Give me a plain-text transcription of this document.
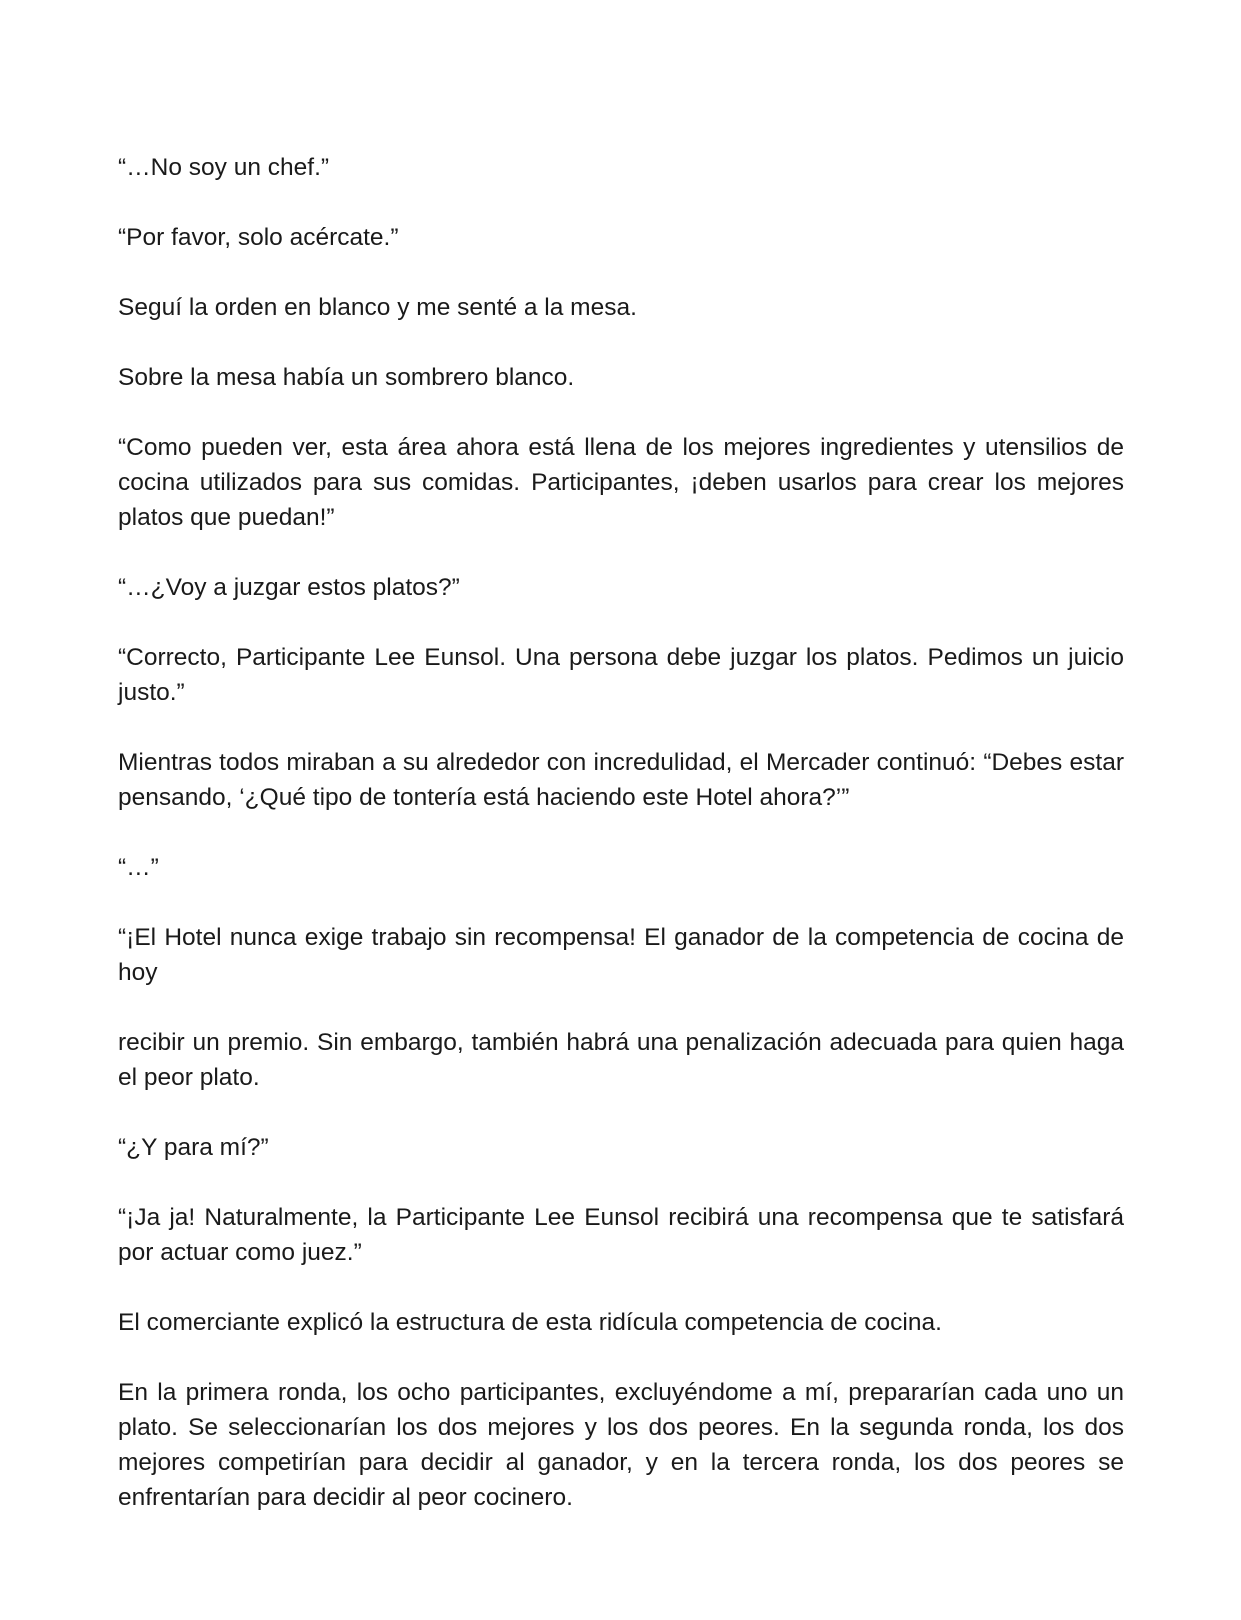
“…No soy un chef.”

“Por favor, solo acércate.”

Seguí la orden en blanco y me senté a la mesa.

Sobre la mesa había un sombrero blanco.

“Como pueden ver, esta área ahora está llena de los mejores ingredientes y utensilios de cocina utilizados para sus comidas. Participantes, ¡deben usarlos para crear los mejores platos que puedan!”

“…¿Voy a juzgar estos platos?”

“Correcto, Participante Lee Eunsol. Una persona debe juzgar los platos. Pedimos un juicio justo.”

Mientras todos miraban a su alrededor con incredulidad, el Mercader continuó: “Debes estar pensando, ‘¿Qué tipo de tontería está haciendo este Hotel ahora?’”

“…”

“¡El Hotel nunca exige trabajo sin recompensa! El ganador de la competencia de cocina de hoy

recibir un premio. Sin embargo, también habrá una penalización adecuada para quien haga el peor plato.

“¿Y para mí?”

“¡Ja ja! Naturalmente, la Participante Lee Eunsol recibirá una recompensa que te satisfará por actuar como juez.”

El comerciante explicó la estructura de esta ridícula competencia de cocina.

En la primera ronda, los ocho participantes, excluyéndome a mí, prepararían cada uno un plato. Se seleccionarían los dos mejores y los dos peores. En la segunda ronda, los dos mejores competirían para decidir al ganador, y en la tercera ronda, los dos peores se enfrentarían para decidir al peor cocinero.
